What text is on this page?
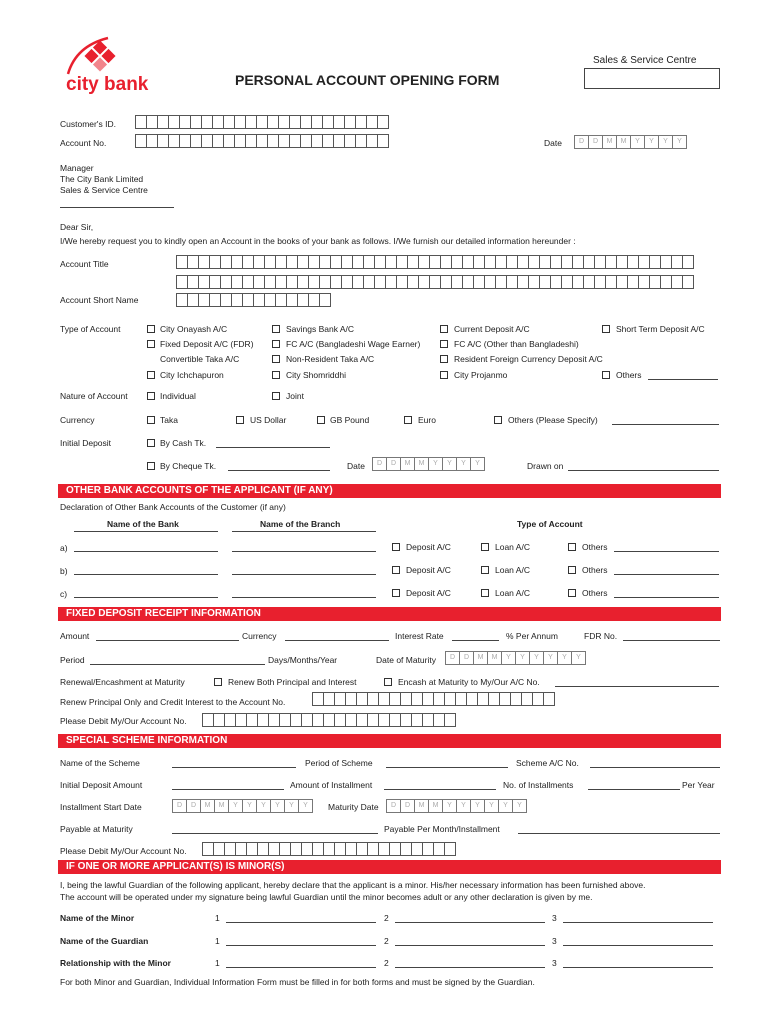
city bank	PERSONAL ACCOUNT OPENING FORM
Sales & Service Centre
Customer's ID.
Account No.	Date	D	D	M	M	Y	Y	Y	Y
Manager
The City Bank Limited
Sales & Service Centre
Dear Sir,
I/We hereby request you to kindly open an Account in the books of your bank as follows. I/We furnish our detailed information hereunder :
Account Title
Account Short Name
Type of Account	City Onayash A/C	Savings Bank A/C	Current Deposit A/C	Short Term Deposit A/C
Fixed Deposit A/C (FDR)	FC A/C (Bangladeshi Wage Earner)	FC A/C (Other than Bangladeshi)
Convertible Taka A/C	Non-Resident Taka A/C	Resident Foreign Currency Deposit A/C
City Ichchapuron	City Shomriddhi	City Projanmo	Others
Nature of Account	Individual	Joint
Currency	Taka	US Dollar	GB Pound	Euro	Others (Please Specify)
Initial Deposit	By Cash Tk.
By Cheque Tk.	Date	D	D	M	M	Y	Y	Y	Y	Drawn on
OTHER BANK ACCOUNTS OF THE APPLICANT (IF ANY)
Declaration of Other Bank Accounts of the Customer (if any)
Name of the Bank	Name of the Branch	Type of Account
a)	Deposit A/C	Loan A/C	Others
b)	Deposit A/C	Loan A/C	Others
c)	Deposit A/C	Loan A/C	Others
FIXED DEPOSIT RECEIPT INFORMATION
Amount	Currency	Interest Rate	% Per Annum	FDR No.
Period	Days/Months/Year	Date of Maturity	D	D	M	M	Y	Y	Y	Y	Y	Y
Renewal/Encashment at Maturity	Renew Both Principal and Interest	Encash at Maturity to My/Our A/C No.
Renew Principal Only and Credit Interest to the Account No.
Please Debit My/Our Account No.
SPECIAL SCHEME INFORMATION
Name of the Scheme	Period of Scheme	Scheme A/C No.
Initial Deposit Amount	Amount of Installment	No. of Installments	Per Year
Installment Start Date	D	D	M	M	Y	Y	Y	Y	Y	Y	Maturity Date	D	D	M	M	Y	Y	Y	Y	Y	Y
Payable at Maturity	Payable Per Month/Installment
Please Debit My/Our Account No.
IF ONE OR MORE APPLICANT(S) IS MINOR(S)
I, being the lawful Guardian of the following applicant, hereby declare that the applicant is a minor. His/her necessary information has been furnished above.
The account will be operated under my signature being lawful Guardian until the minor becomes adult or any other declaration is given by me.
Name of the Minor	1	2	3
Name of the Guardian	1	2	3
Relationship with the Minor	1	2	3
For both Minor and Guardian, Individual Information Form must be filled in for both forms and must be signed by the Guardian.
